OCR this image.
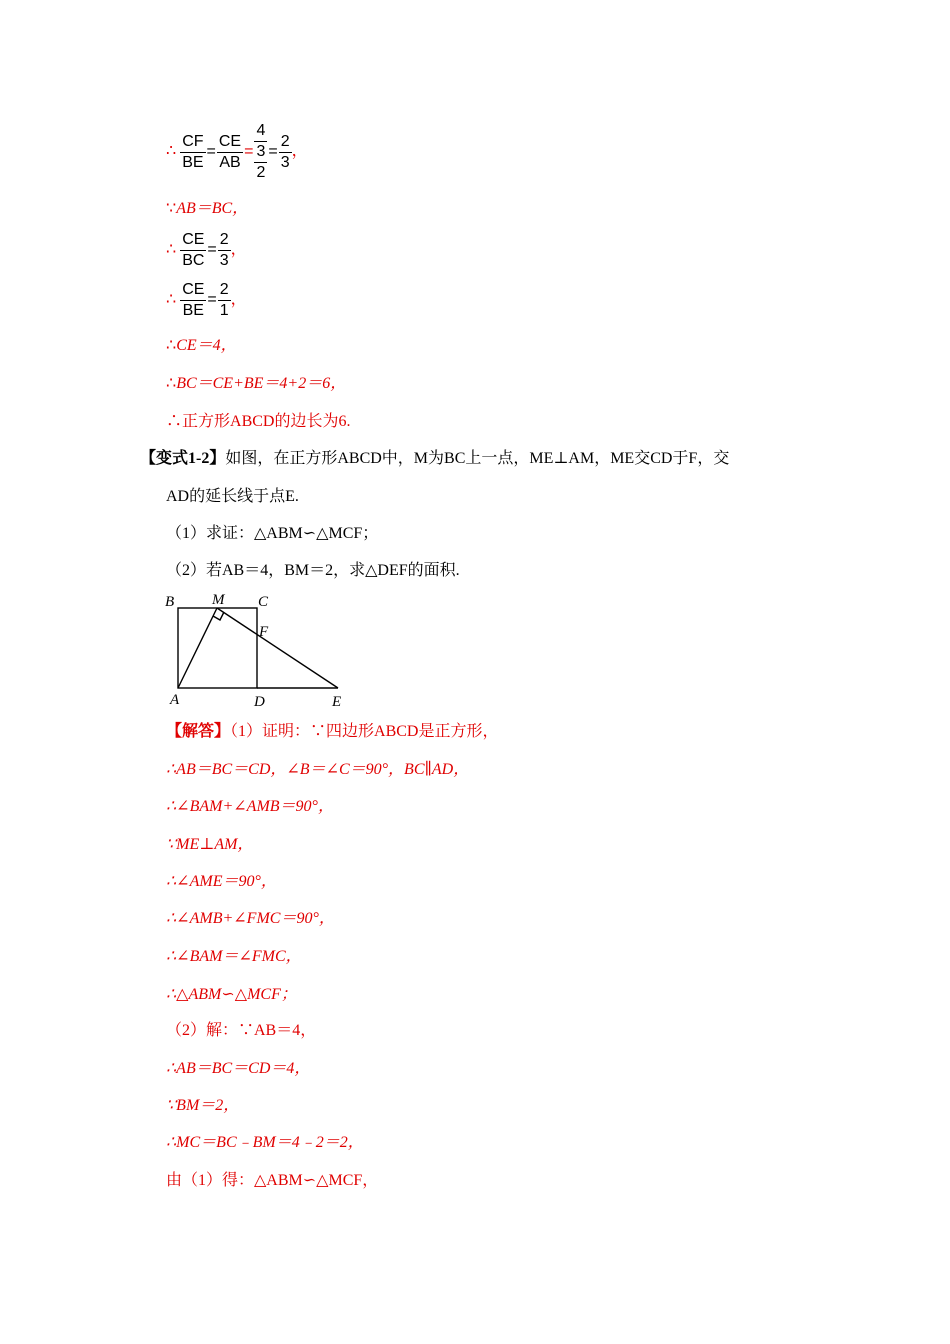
∴ $\frac{CF}{BE} = \frac{CE}{AB} = \frac{\frac{4}{3}}{2} = \frac{2}{3}$ ，
∵AB＝BC，
∴ $\frac{CE}{BC} = \frac{2}{3}$ ，
∴ $\frac{CE}{BE} = \frac{2}{1}$ ，
∴CE＝4，
∴BC＝CE+BE＝4+2＝6，
∴正方形ABCD的边长为6.
【变式1-2】如图，在正方形ABCD中，M为BC上一点，ME⊥AM，ME交CD于F，交
AD的延长线于点E.
（1）求证：△ABM∽△MCF；
（2）若AB＝4，BM＝2，求△DEF的面积.
B	M C
F
A	D	E
【解答】（1）证明：∵四边形ABCD是正方形，
∴AB＝BC＝CD，∠B＝∠C＝90°，BC∥AD，
∴∠BAM+∠AMB＝90°，
∵ME⊥AM，
∴∠AME＝90°，
∴∠AMB+∠FMC＝90°，
∴∠BAM＝∠FMC，
∴△ABM∽△MCF；
（2）解：∵AB＝4，
∴AB＝BC＝CD＝4，
∵BM＝2，
∴MC＝BC﹣BM＝4﹣2＝2，
由（1）得：△ABM∽△MCF，
